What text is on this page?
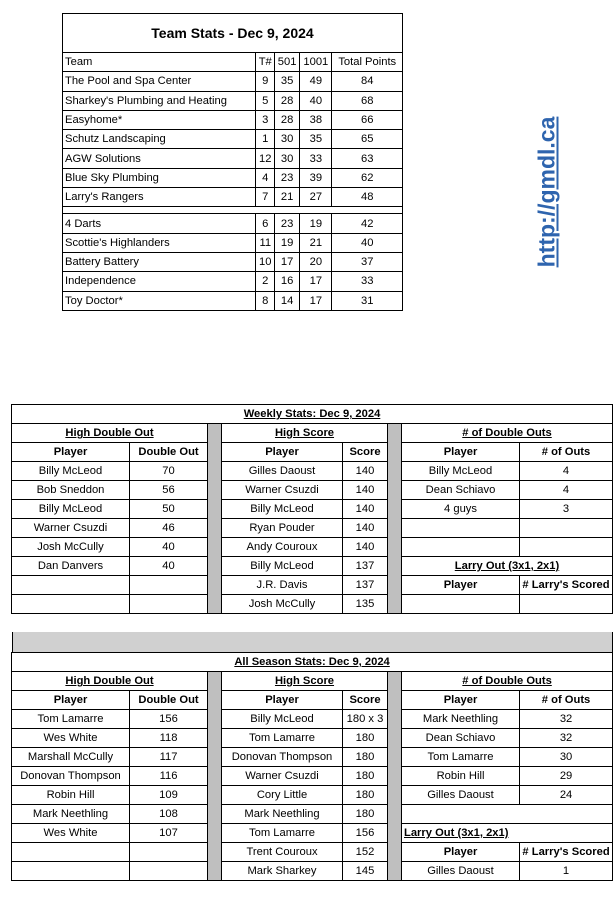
Team Stats - Dec 9, 2024				
Team	T#	501	1001	Total Points
The Pool and Spa Center	9	35	49	84
Sharkey's Plumbing and Heating	5	28	40	68
Easyhome*	3	28	38	66
Schutz Landscaping	1	30	35	65
AGW Solutions	12	30	33	63
Blue Sky Plumbing	4	23	39	62
Larry's Rangers	7	21	27	48

4 Darts	6	23	19	42
Scottie's Highlanders	11	19	21	40
Battery Battery	10	17	20	37
Independence	2	16	17	33
Toy Doctor*	8	14	17	31
http://gmdl.ca
Weekly Stats: Dec 9, 2024							
High Double Out			High Score			# of Double Outs	
Player	Double Out		Player	Score		Player	# of Outs
Billy McLeod	70		Gilles Daoust	140		Billy McLeod	4
Bob Sneddon	56		Warner Csuzdi	140		Dean Schiavo	4
Billy McLeod	50		Billy McLeod	140		4 guys	3
Warner Csuzdi	46		Ryan Pouder	140			
Josh McCully	40		Andy Couroux	140			
Dan Danvers	40		Billy McLeod	137		Larry Out (3x1, 2x1)	
			J.R. Davis	137		Player	# Larry's Scored
			Josh McCully	135			
All Season Stats: Dec 9, 2024							
High Double Out			High Score			# of Double Outs	
Player	Double Out		Player	Score		Player	# of Outs
Tom Lamarre	156		Billy McLeod	180 x 3		Mark Neethling	32
Wes White	118		Tom Lamarre	180		Dean Schiavo	32
Marshall McCully	117		Donovan Thompson	180		Tom Lamarre	30
Donovan Thompson	116		Warner Csuzdi	180		Robin Hill	29
Robin Hill	109		Cory Little	180		Gilles Daoust	24
Mark Neethling	108		Mark Neethling	180			
Wes White	107		Tom Lamarre	156		Larry Out (3x1, 2x1)	
			Trent Couroux	152		Player	# Larry's Scored
			Mark Sharkey	145		Gilles Daoust	1
